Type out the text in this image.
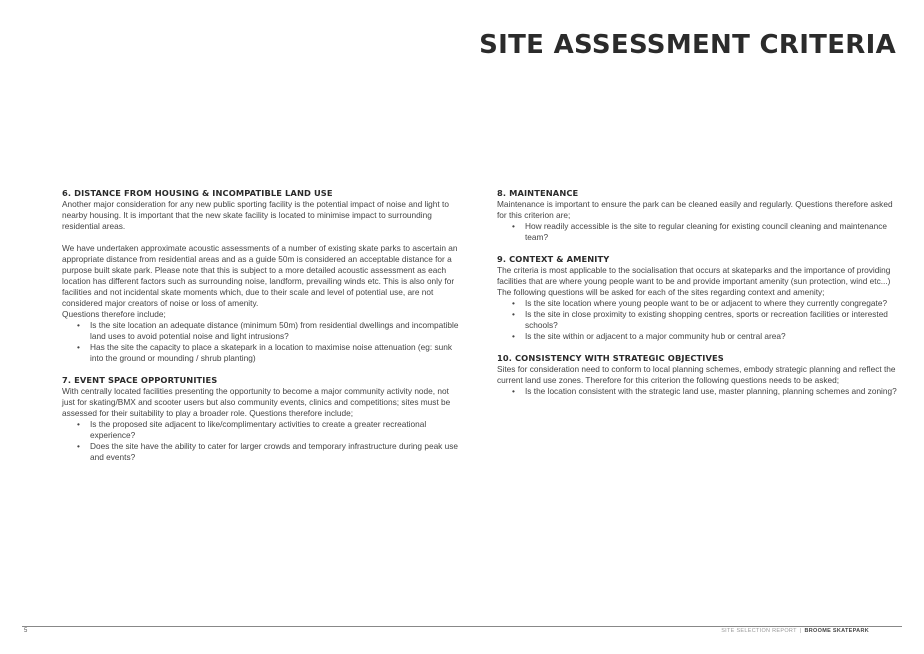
SITE ASSESSMENT CRITERIA
6. DISTANCE FROM HOUSING & INCOMPATIBLE LAND USE

Another major consideration for any new public sporting facility is the potential impact of noise and light to nearby housing. It is important that the new skate facility is located to minimise impact to surrounding residential areas.

We have undertaken approximate acoustic assessments of a number of existing skate parks to ascertain an appropriate distance from residential areas and as a guide 50m is considered an acceptable distance for a purpose built skate park. Please note that this is subject to a more detailed acoustic assessment as each location has different factors such as surrounding noise, landform, prevailing winds etc. This is also only for facilities and not incidental skate moments which, due to their scale and level of potential use, are not considered major creators of noise or loss of amenity.

Questions therefore include;

• Is the site location an adequate distance (minimum 50m) from residential dwellings and incompatible land uses to avoid potential noise and light intrusions?
• Has the site the capacity to place a skatepark in a location to maximise noise attenuation (eg: sunk into the ground or mounding / shrub planting)
7. EVENT SPACE OPPORTUNITIES

With centrally located facilities presenting the opportunity to become a major community activity node, not just for skating/BMX and scooter users but also community events, clinics and competitions; sites must be assessed for their suitability to play a broader role. Questions therefore include;

• Is the proposed site adjacent to like/complimentary activities to create a greater recreational experience?
• Does the site have the ability to cater for larger crowds and temporary infrastructure during peak use and events?
8. MAINTENANCE

Maintenance is important to ensure the park can be cleaned easily and regularly. Questions therefore asked for this criterion are;

• How readily accessible is the site to regular cleaning for existing council cleaning and maintenance team?
9. CONTEXT & AMENITY

The criteria is most applicable to the socialisation that occurs at skateparks and the importance of providing facilities that are where young people want to be and provide important amenity (sun protection, wind etc...) The following questions will be asked for each of the sites regarding context and amenity;

• Is the site location where young people want to be or adjacent to where they currently congregate?
• Is the site in close proximity to existing shopping centres, sports or recreation facilities or interested schools?
• Is the site within or adjacent to a major community hub or central area?
10. CONSISTENCY WITH STRATEGIC OBJECTIVES

Sites for consideration need to conform to local planning schemes, embody strategic planning and reflect the current land use zones. Therefore for this criterion the following questions needs to be asked;

• Is the location consistent with the strategic land use, master planning, planning schemes and zoning?
5	SITE SELECTION REPORT | BROOME SKATEPARK
